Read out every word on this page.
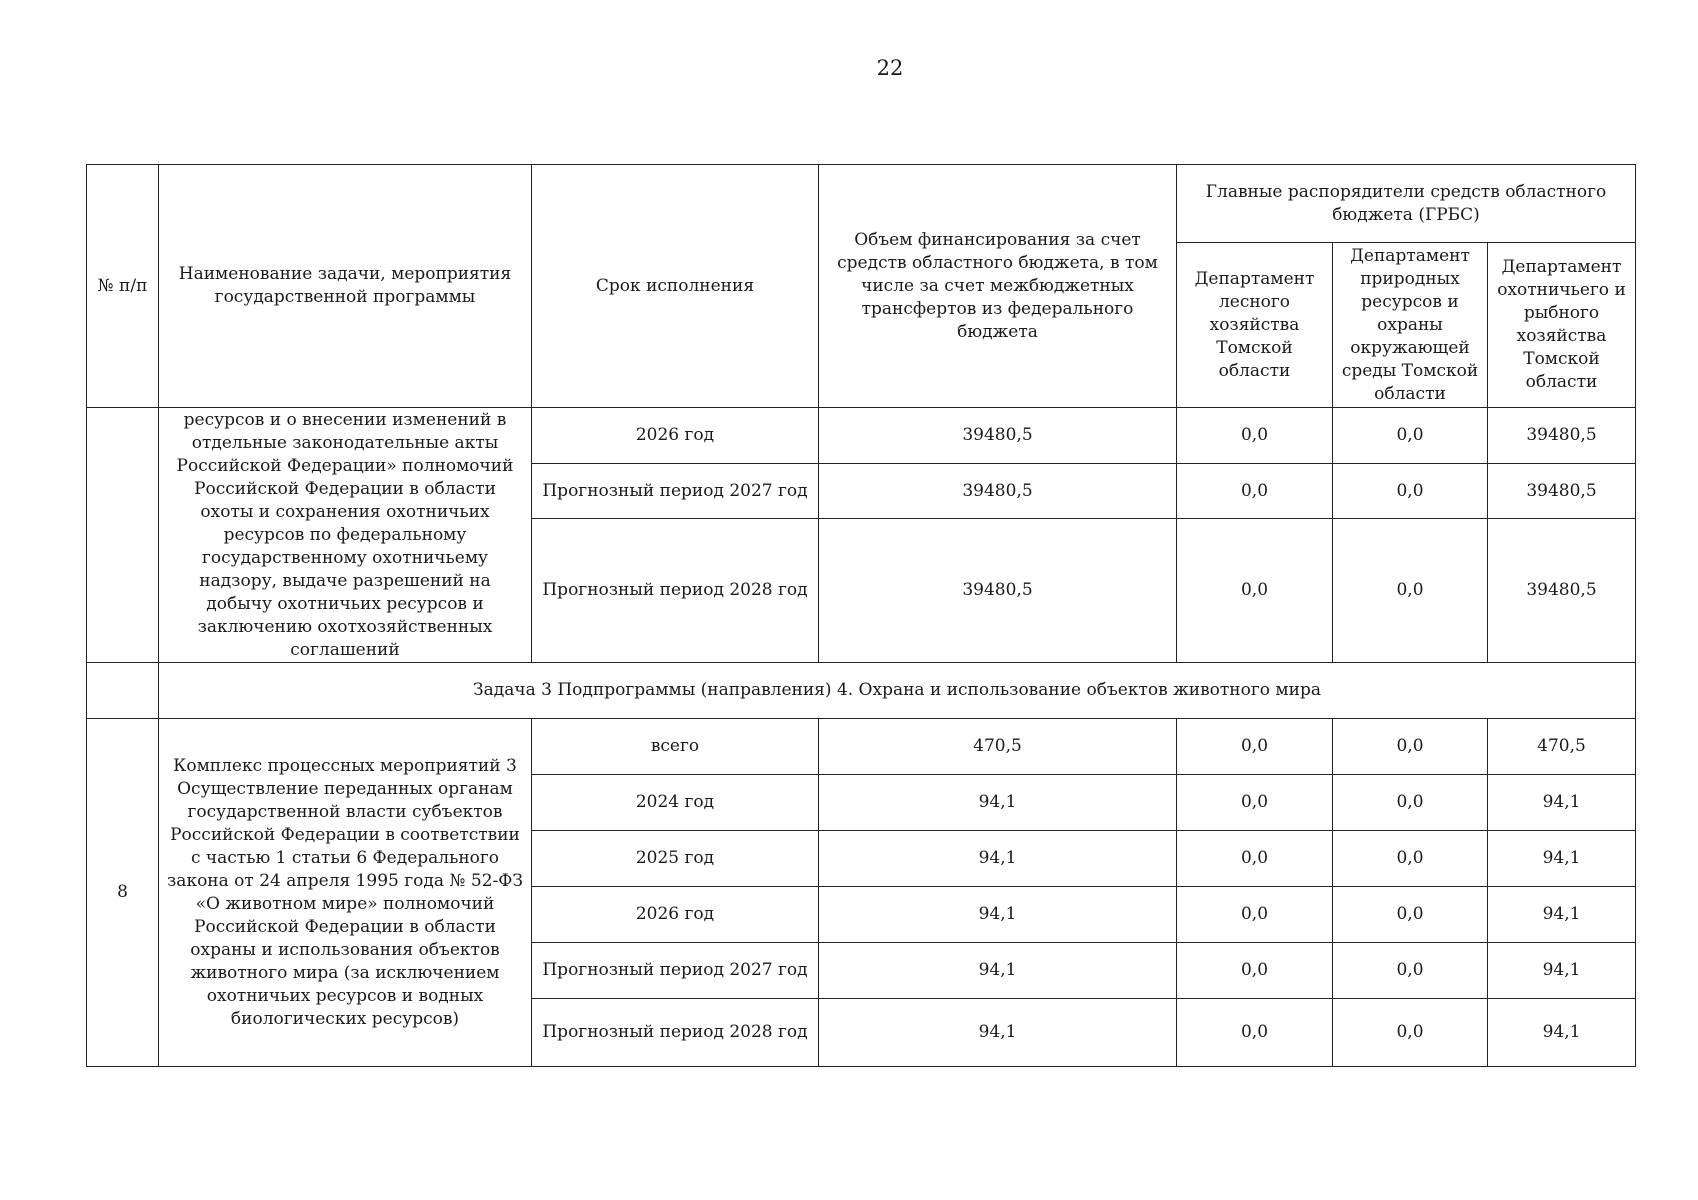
22
№ п/п	Наименование задачи, мероприятия государственной программы	Срок исполнения	Объем финансирования за счет средств областного бюджета, в том числе за счет межбюджетных трансфертов из федерального бюджета	Главные распорядители средств областного бюджета (ГРБС)		
				Департамент лесного хозяйства Томской области	Департамент природных ресурсов и охраны окружающей среды Томской области	Департамент охотничьего и рыбного хозяйства Томской области
	ресурсов и о внесении изменений в отдельные законодательные акты Российской Федерации» полномочий Российской Федерации в области охоты и сохранения охотничьих ресурсов по федеральному государственному охотничьему надзору, выдаче разрешений на добычу охотничьих ресурсов и заключению охотхозяйственных соглашений	2026 год	39480,5	0,0	0,0	39480,5
		Прогнозный период 2027 год	39480,5	0,0	0,0	39480,5
		Прогнозный период 2028 год	39480,5	0,0	0,0	39480,5
	Задача 3 Подпрограммы (направления) 4. Охрана и использование объектов животного мира					
8	Комплекс процессных мероприятий 3 Осуществление переданных органам государственной власти субъектов Российской Федерации в соответствии с частью 1 статьи 6 Федерального закона от 24 апреля 1995 года № 52-ФЗ «О животном мире» полномочий Российской Федерации в области охраны и использования объектов животного мира (за исключением охотничьих ресурсов и водных биологических ресурсов)	всего	470,5	0,0	0,0	470,5
		2024 год	94,1	0,0	0,0	94,1
		2025 год	94,1	0,0	0,0	94,1
		2026 год	94,1	0,0	0,0	94,1
		Прогнозный период 2027 год	94,1	0,0	0,0	94,1
		Прогнозный период 2028 год	94,1	0,0	0,0	94,1
